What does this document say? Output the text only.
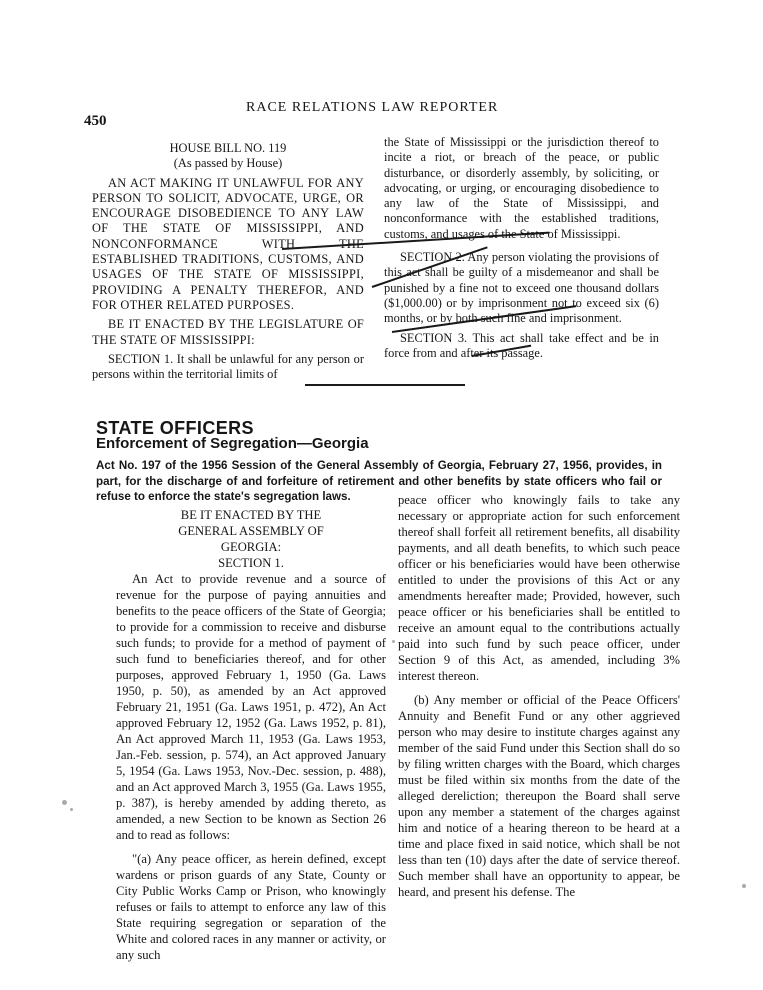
450
RACE RELATIONS LAW REPORTER

HOUSE BILL NO. 119

(As passed by House)

AN ACT MAKING IT UNLAWFUL FOR ANY PERSON TO SOLICIT, ADVOCATE, URGE, OR ENCOURAGE DISOBEDIENCE TO ANY LAW OF THE STATE OF MISSISSIPPI, AND NONCONFORMANCE WITH THE ESTABLISHED TRADITIONS, CUSTOMS, AND USAGES OF THE STATE OF MISSISSIPPI, PROVIDING A PENALTY THEREFOR, AND FOR OTHER RELATED PURPOSES.

BE IT ENACTED BY THE LEGISLATURE OF THE STATE OF MISSISSIPPI:

SECTION 1. It shall be unlawful for any person or persons within the territorial limits of

the State of Mississippi or the jurisdiction thereof to incite a riot, or breach of the peace, or public disturbance, or disorderly assembly, by soliciting, or advocating, or urging, or encouraging disobedience to any law of the State of Mississippi, and nonconformance with the established traditions, customs, and usages of the State of Mississippi.

SECTION 2. Any person violating the provisions of this act shall be guilty of a misdemeanor and shall be punished by a fine not to exceed one thousand dollars ($1,000.00) or by imprisonment not to exceed six (6) months, or by both such fine and imprisonment.

SECTION 3. This act shall take effect and be in force from and after its passage.

STATE OFFICERS
Enforcement of Segregation—Georgia
Act No. 197 of the 1956 Session of the General Assembly of Georgia, February 27, 1956, provides, in part, for the discharge of and forfeiture of retirement and other benefits by state officers who fail or refuse to enforce the state's segregation laws.

BE IT ENACTED BY THE GENERAL ASSEMBLY OF GEORGIA:

SECTION 1.

An Act to provide revenue and a source of revenue for the purpose of paying annuities and benefits to the peace officers of the State of Georgia; to provide for a commission to receive and disburse such funds; to provide for a method of payment of such fund to beneficiaries thereof, and for other purposes, approved February 1, 1950 (Ga. Laws 1950, p. 50), as amended by an Act approved February 21, 1951 (Ga. Laws 1951, p. 472), An Act approved February 12, 1952 (Ga. Laws 1952, p. 81), An Act approved March 11, 1953 (Ga. Laws 1953, Jan.-Feb. session, p. 574), an Act approved January 5, 1954 (Ga. Laws 1953, Nov.-Dec. session, p. 488), and an Act approved March 3, 1955 (Ga. Laws 1955, p. 387), is hereby amended by adding thereto, as amended, a new Section to be known as Section 26 and to read as follows:

"(a) Any peace officer, as herein defined, except wardens or prison guards of any State, County or City Public Works Camp or Prison, who knowingly refuses or fails to attempt to enforce any law of this State requiring segregation or separation of the White and colored races in any manner or activity, or any such

peace officer who knowingly fails to take any necessary or appropriate action for such enforcement thereof shall forfeit all retirement benefits, all disability payments, and all death benefits, to which such peace officer or his beneficiaries would have been otherwise entitled to under the provisions of this Act or any amendments hereafter made; Provided, however, such peace officer or his beneficiaries shall be entitled to receive an amount equal to the contributions actually paid into such fund by such peace officer, under Section 9 of this Act, as amended, including 3% interest thereon.

(b) Any member or official of the Peace Officers' Annuity and Benefit Fund or any other aggrieved person who may desire to institute charges against any member of the said Fund under this Section shall do so by filing written charges with the Board, which charges must be filed within six months from the date of the alleged dereliction; thereupon the Board shall serve upon any member a statement of the charges against him and notice of a hearing thereon to be heard at a time and place fixed in said notice, which shall be not less than ten (10) days after the date of service thereof. Such member shall have an opportunity to appear, be heard, and present his defense. The
